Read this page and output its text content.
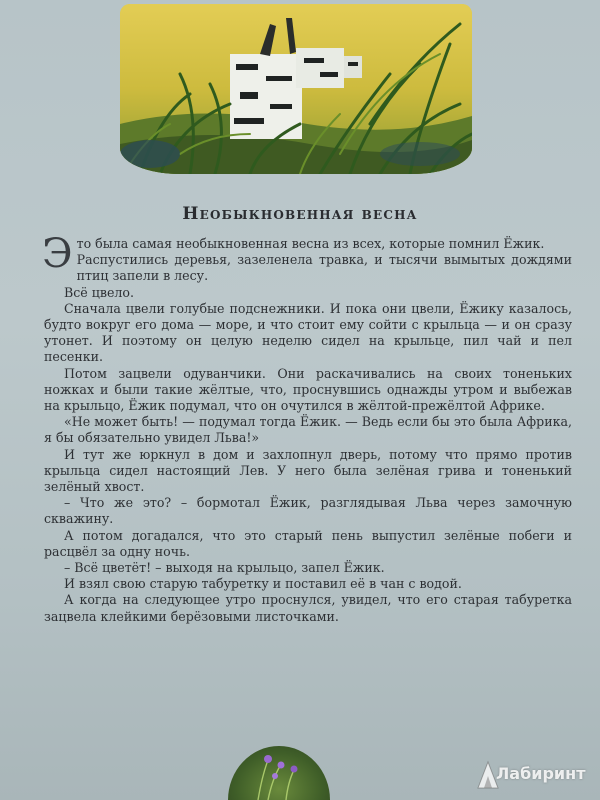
Необыкновенная весна

Это была самая необыкновенная весна из всех, которые помнил Ёжик.

Распустились деревья, зазеленела травка, и тысячи вымытых дождями птиц запели в лесу.

Всё цвело.

Сначала цвели голубые подснежники. И пока они цвели, Ёжику казалось, будто вокруг его дома — море, и что стоит ему сойти с крыльца — и он сразу утонет. И поэтому он целую неделю сидел на крыльце, пил чай и пел песенки.

Потом зацвели одуванчики. Они раскачивались на своих тоненьких ножках и были такие жёлтые, что, проснувшись однажды утром и выбежав на крыльцо, Ёжик подумал, что он очутился в жёлтой-прежёлтой Африке.

«Не может быть! — подумал тогда Ёжик. — Ведь если бы это была Африка, я бы обязательно увидел Льва!»

И тут же юркнул в дом и захлопнул дверь, потому что прямо против крыльца сидел настоящий Лев. У него была зелёная грива и тоненький зелёный хвост.

– Что же это? – бормотал Ёжик, разглядывая Льва через замочную скважину.

А потом догадался, что это старый пень выпустил зелёные побеги и расцвёл за одну ночь.

– Всё цветёт! – выходя на крыльцо, запел Ёжик.

И взял свою старую табуретку и поставил её в чан с водой.

А когда на следующее утро проснулся, увидел, что его старая табуретка зацвела клейкими берёзовыми листочками.

Лабиринт
